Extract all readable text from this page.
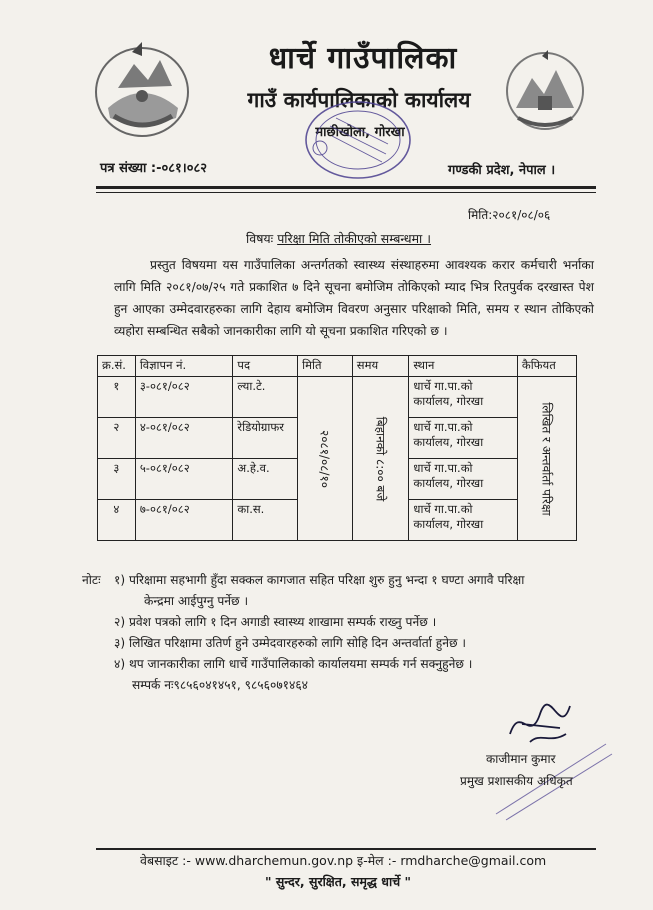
धार्चे गाउँपालिका
गाउँ कार्यपालिकाको कार्यालय
माछीखोला, गोरखा
पत्र संख्या :-०८१।०८२	गण्डकी प्रदेश, नेपाल ।
मिति:२०८१/०८/०६
विषयः परिक्षा मिति तोकीएको सम्बन्धमा ।
प्रस्तुत विषयमा यस गाउँपालिका अन्तर्गतको स्वास्थ्य संस्थाहरुमा आवश्यक करार कर्मचारी भर्नाका लागि मिति २०८१/०७/२५ गते प्रकाशित ७ दिने सूचना बमोजिम तोकिएको म्याद भित्र रितपुर्वक दरखास्त पेश हुन आएका उम्मेदवारहरुका लागि देहाय बमोजिम विवरण अनुसार परिक्षाको मिति, समय र स्थान तोकिएको व्यहोरा सम्बन्धित सबैको जानकारीका लागि यो सूचना प्रकाशित गरिएको छ ।
क्र.सं.	विज्ञापन नं.	पद	मिति	समय	स्थान	कैफियत
१	३-०८१/०८२	ल्या.टे.	२०८१/०८/१०	बिहानको ८:०० बजे	धार्चे गा.पा.को कार्यालय, गोरखा	लिखित र अन्तर्वार्ता परिक्षा

२	४-०८१/०८२	रेडियोग्राफर			धार्चे गा.पा.को कार्यालय, गोरखा	
३	५-०८१/०८२	अ.हे.व.			धार्चे गा.पा.को कार्यालय, गोरखा	
४	७-०८१/०८२	का.स.			धार्चे गा.पा.को कार्यालय, गोरखा	
नोटः १) परिक्षामा सहभागी हुँदा सक्कल कागजात सहित परिक्षा शुरु हुनु भन्दा १ घण्टा अगावै परिक्षा
केन्द्रमा आईपुग्नु पर्नेछ ।
२) प्रवेश पत्रको लागि १ दिन अगाडी स्वास्थ्य शाखामा सम्पर्क राख्नु पर्नेछ ।
३) लिखित परिक्षामा उतिर्ण हुने उम्मेदवारहरुको लागि सोहि दिन अन्तर्वार्ता हुनेछ ।
४) थप जानकारीका लागि धार्चे गाउँपालिकाको कार्यालयमा सम्पर्क गर्न सक्नुहुनेछ ।
सम्पर्क नः९८५६०४१४५१, ९८५६०७१४६४
काजीमान कुमार
प्रमुख प्रशासकीय अधिकृत
वेबसाइट :- www.dharchemun.gov.np इ-मेल :- rmdharche@gmail.com
" सुन्दर, सुरक्षित, समृद्ध धार्चे "
